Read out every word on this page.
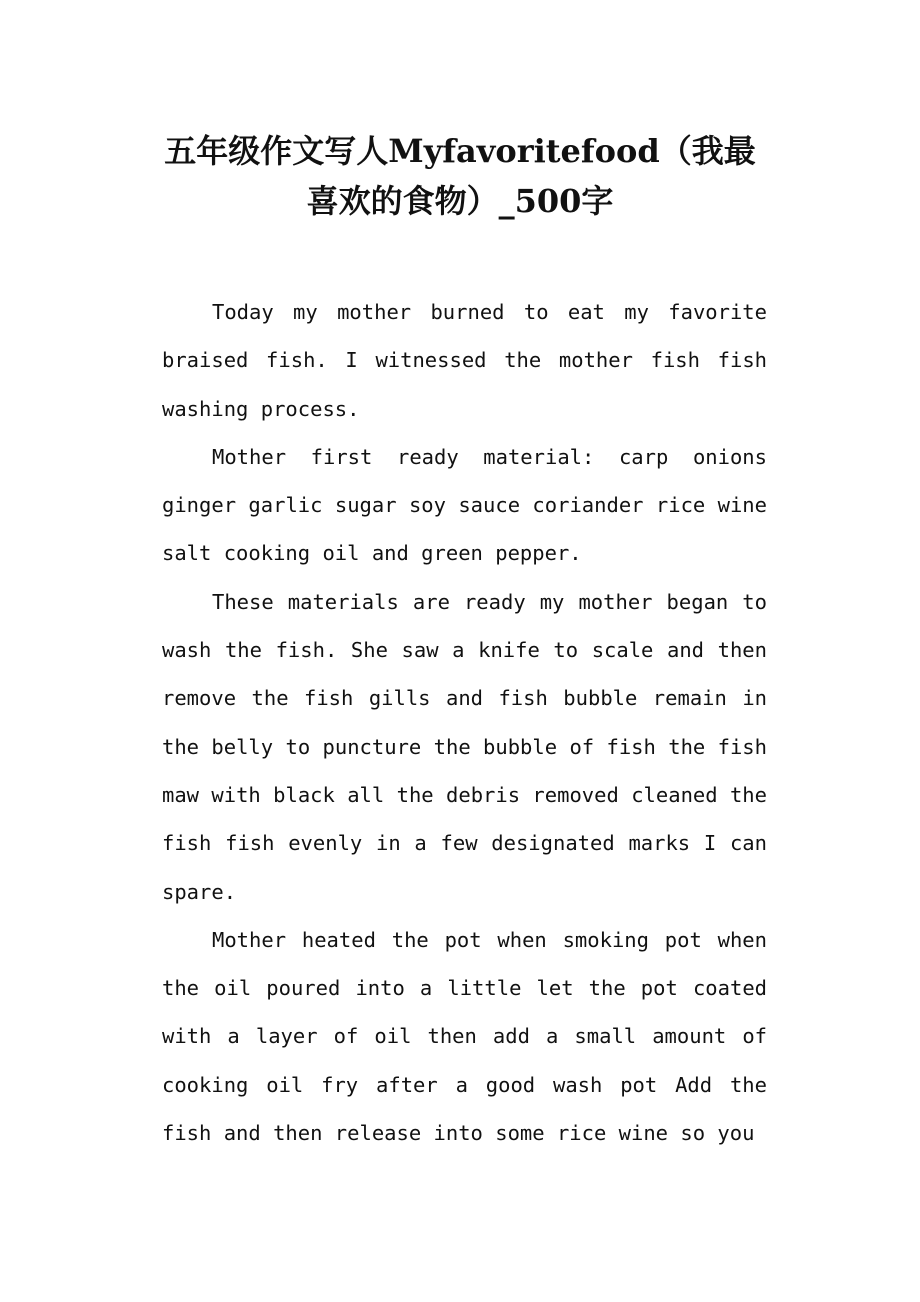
五年级作文写人Myfavoritefood（我最
喜欢的食物）_500字

Today my mother burned to eat my favorite braised fish. I witnessed the mother fish fish washing process.

Mother first ready material: carp onions ginger garlic sugar soy sauce coriander rice wine salt cooking oil and green pepper.

These materials are ready my mother began to wash the fish. She saw a knife to scale and then remove the fish gills and fish bubble remain in the belly to puncture the bubble of fish the fish maw with black all the debris removed cleaned the fish fish evenly in a few designated marks I can spare.

Mother heated the pot when smoking pot when the oil poured into a little let the pot coated with a layer of oil then add a small amount of cooking oil fry after a good wash pot Add the fish and then release into some rice wine so you
